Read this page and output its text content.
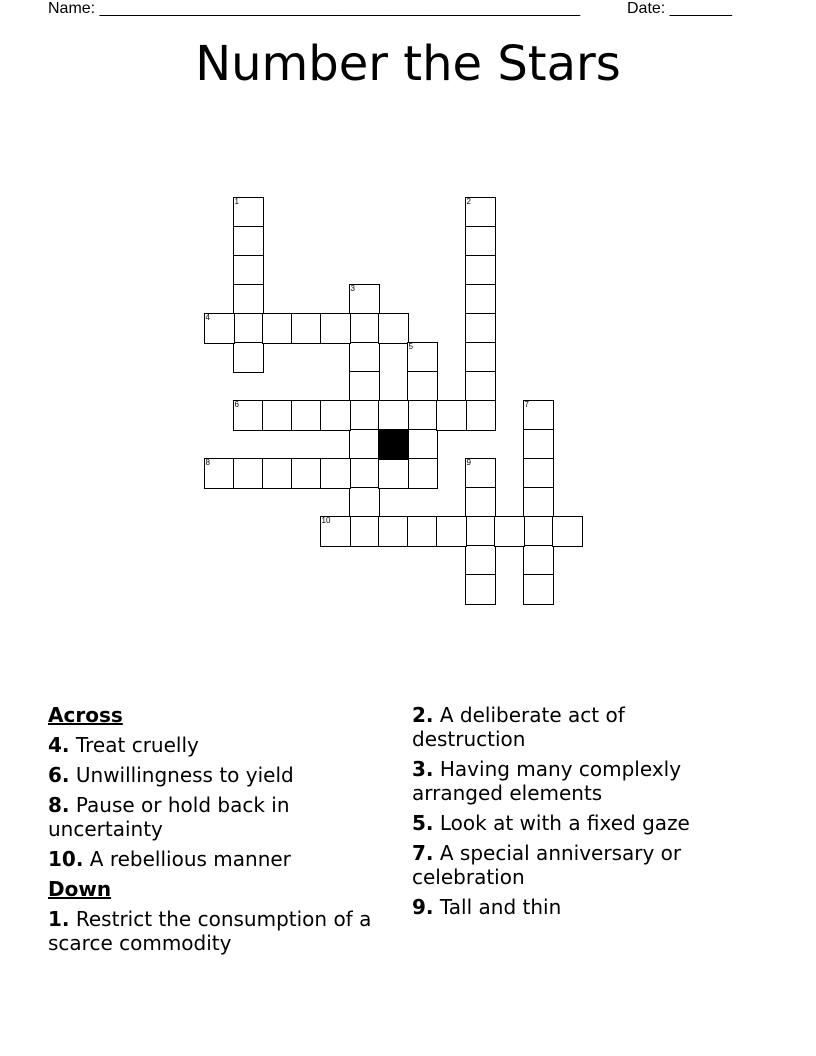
Name: ______________________________________________________	Date: _______
Number the Stars
1	2
3
4
5
6	7
8	9
10
Across
4. Treat cruelly
6. Unwillingness to yield
8. Pause or hold back in uncertainty
10. A rebellious manner
Down
1. Restrict the consumption of a scarce commodity
2. A deliberate act of destruction
3. Having many complexly arranged elements
5. Look at with a fixed gaze
7. A special anniversary or celebration
9. Tall and thin
